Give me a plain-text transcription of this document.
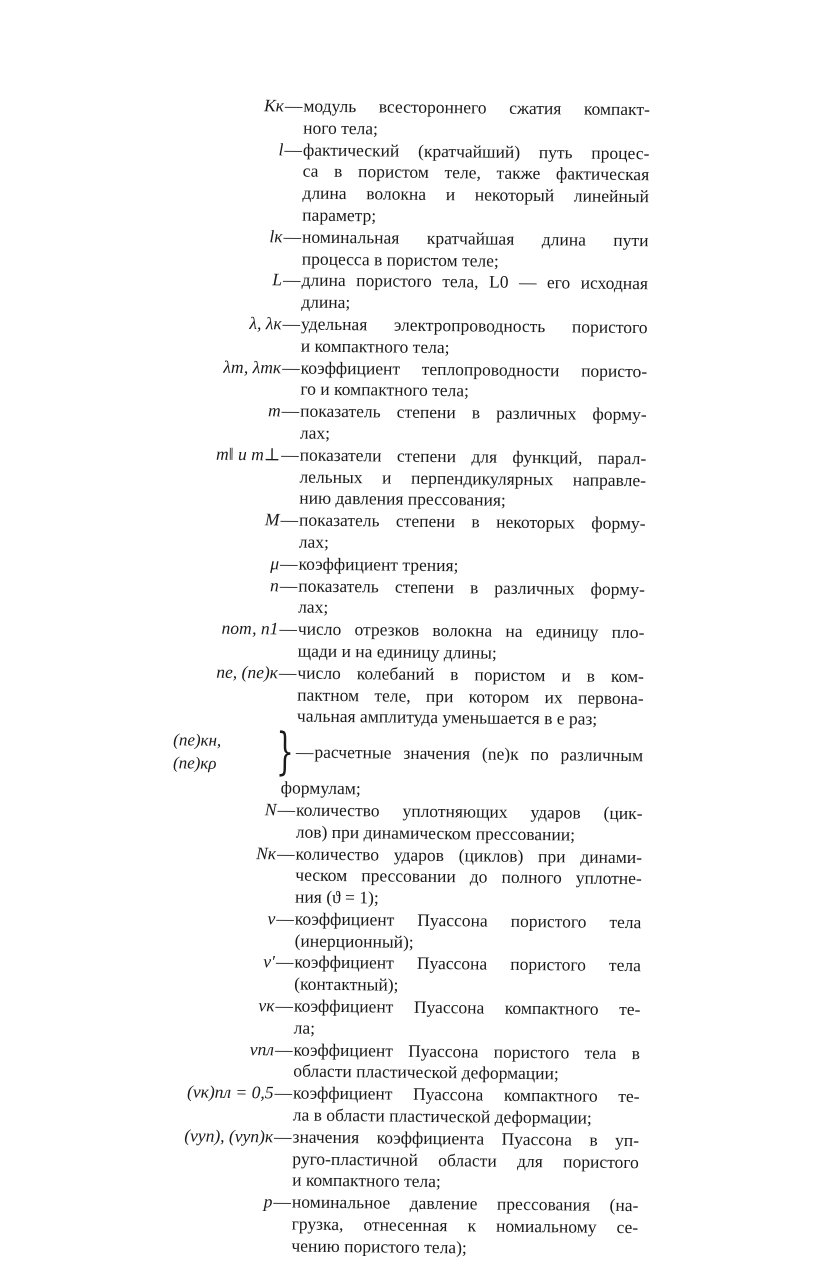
Kк — модуль всестороннего сжатия компакт-
ного тела;
l — фактический (кратчайший) путь процес-
са в пористом теле, также фактическая
длина волокна и некоторый линейный
параметр;
lк — номинальная кратчайшая длина пути
процесса в пористом теле;
L — длина пористого тела, L0 — его исходная
длина;
λ, λк — удельная электропроводность пористого
и компактного тела;
λт, λтк — коэффициент теплопроводности пористо-
го и компактного тела;
m — показатель степени в различных форму-
лах;
m‖ и m⊥ — показатели степени для функций, парал-
лельных и перпендикулярных направле-
нию давления прессования;
M — показатель степени в некоторых форму-
лах;
μ — коэффициент трения;
n — показатель степени в различных форму-
лах;
nот, n1 — число отрезков волокна на единицу пло-
щади и на единицу длины;
ne, (ne)к — число колебаний в пористом и в ком-
пактном теле, при котором их первона-
чальная амплитуда уменьшается в e раз;
(ne)кн,
(ne)кρ	} — расчетные значения (ne)к по различным
формулам;
N — количество уплотняющих ударов (цик-
лов) при динамическом прессовании;
Nк — количество ударов (циклов) при динами-
ческом прессовании до полного уплотне-
ния (ϑ = 1);
ν — коэффициент Пуассона пористого тела
(инерционный);
ν′ — коэффициент Пуассона пористого тела
(контактный);
νк — коэффициент Пуассона компактного те-
ла;
νпл — коэффициент Пуассона пористого тела в
области пластической деформации;
(νк)пл = 0,5 — коэффициент Пуассона компактного те-
ла в области пластической деформации;
(νуп), (νуп)к — значения коэффициента Пуассона в уп-
руго-пластичной области для пористого
и компактного тела;
p — номинальное давление прессования (на-
грузка, отнесенная к номиальному се-
чению пористого тела);
